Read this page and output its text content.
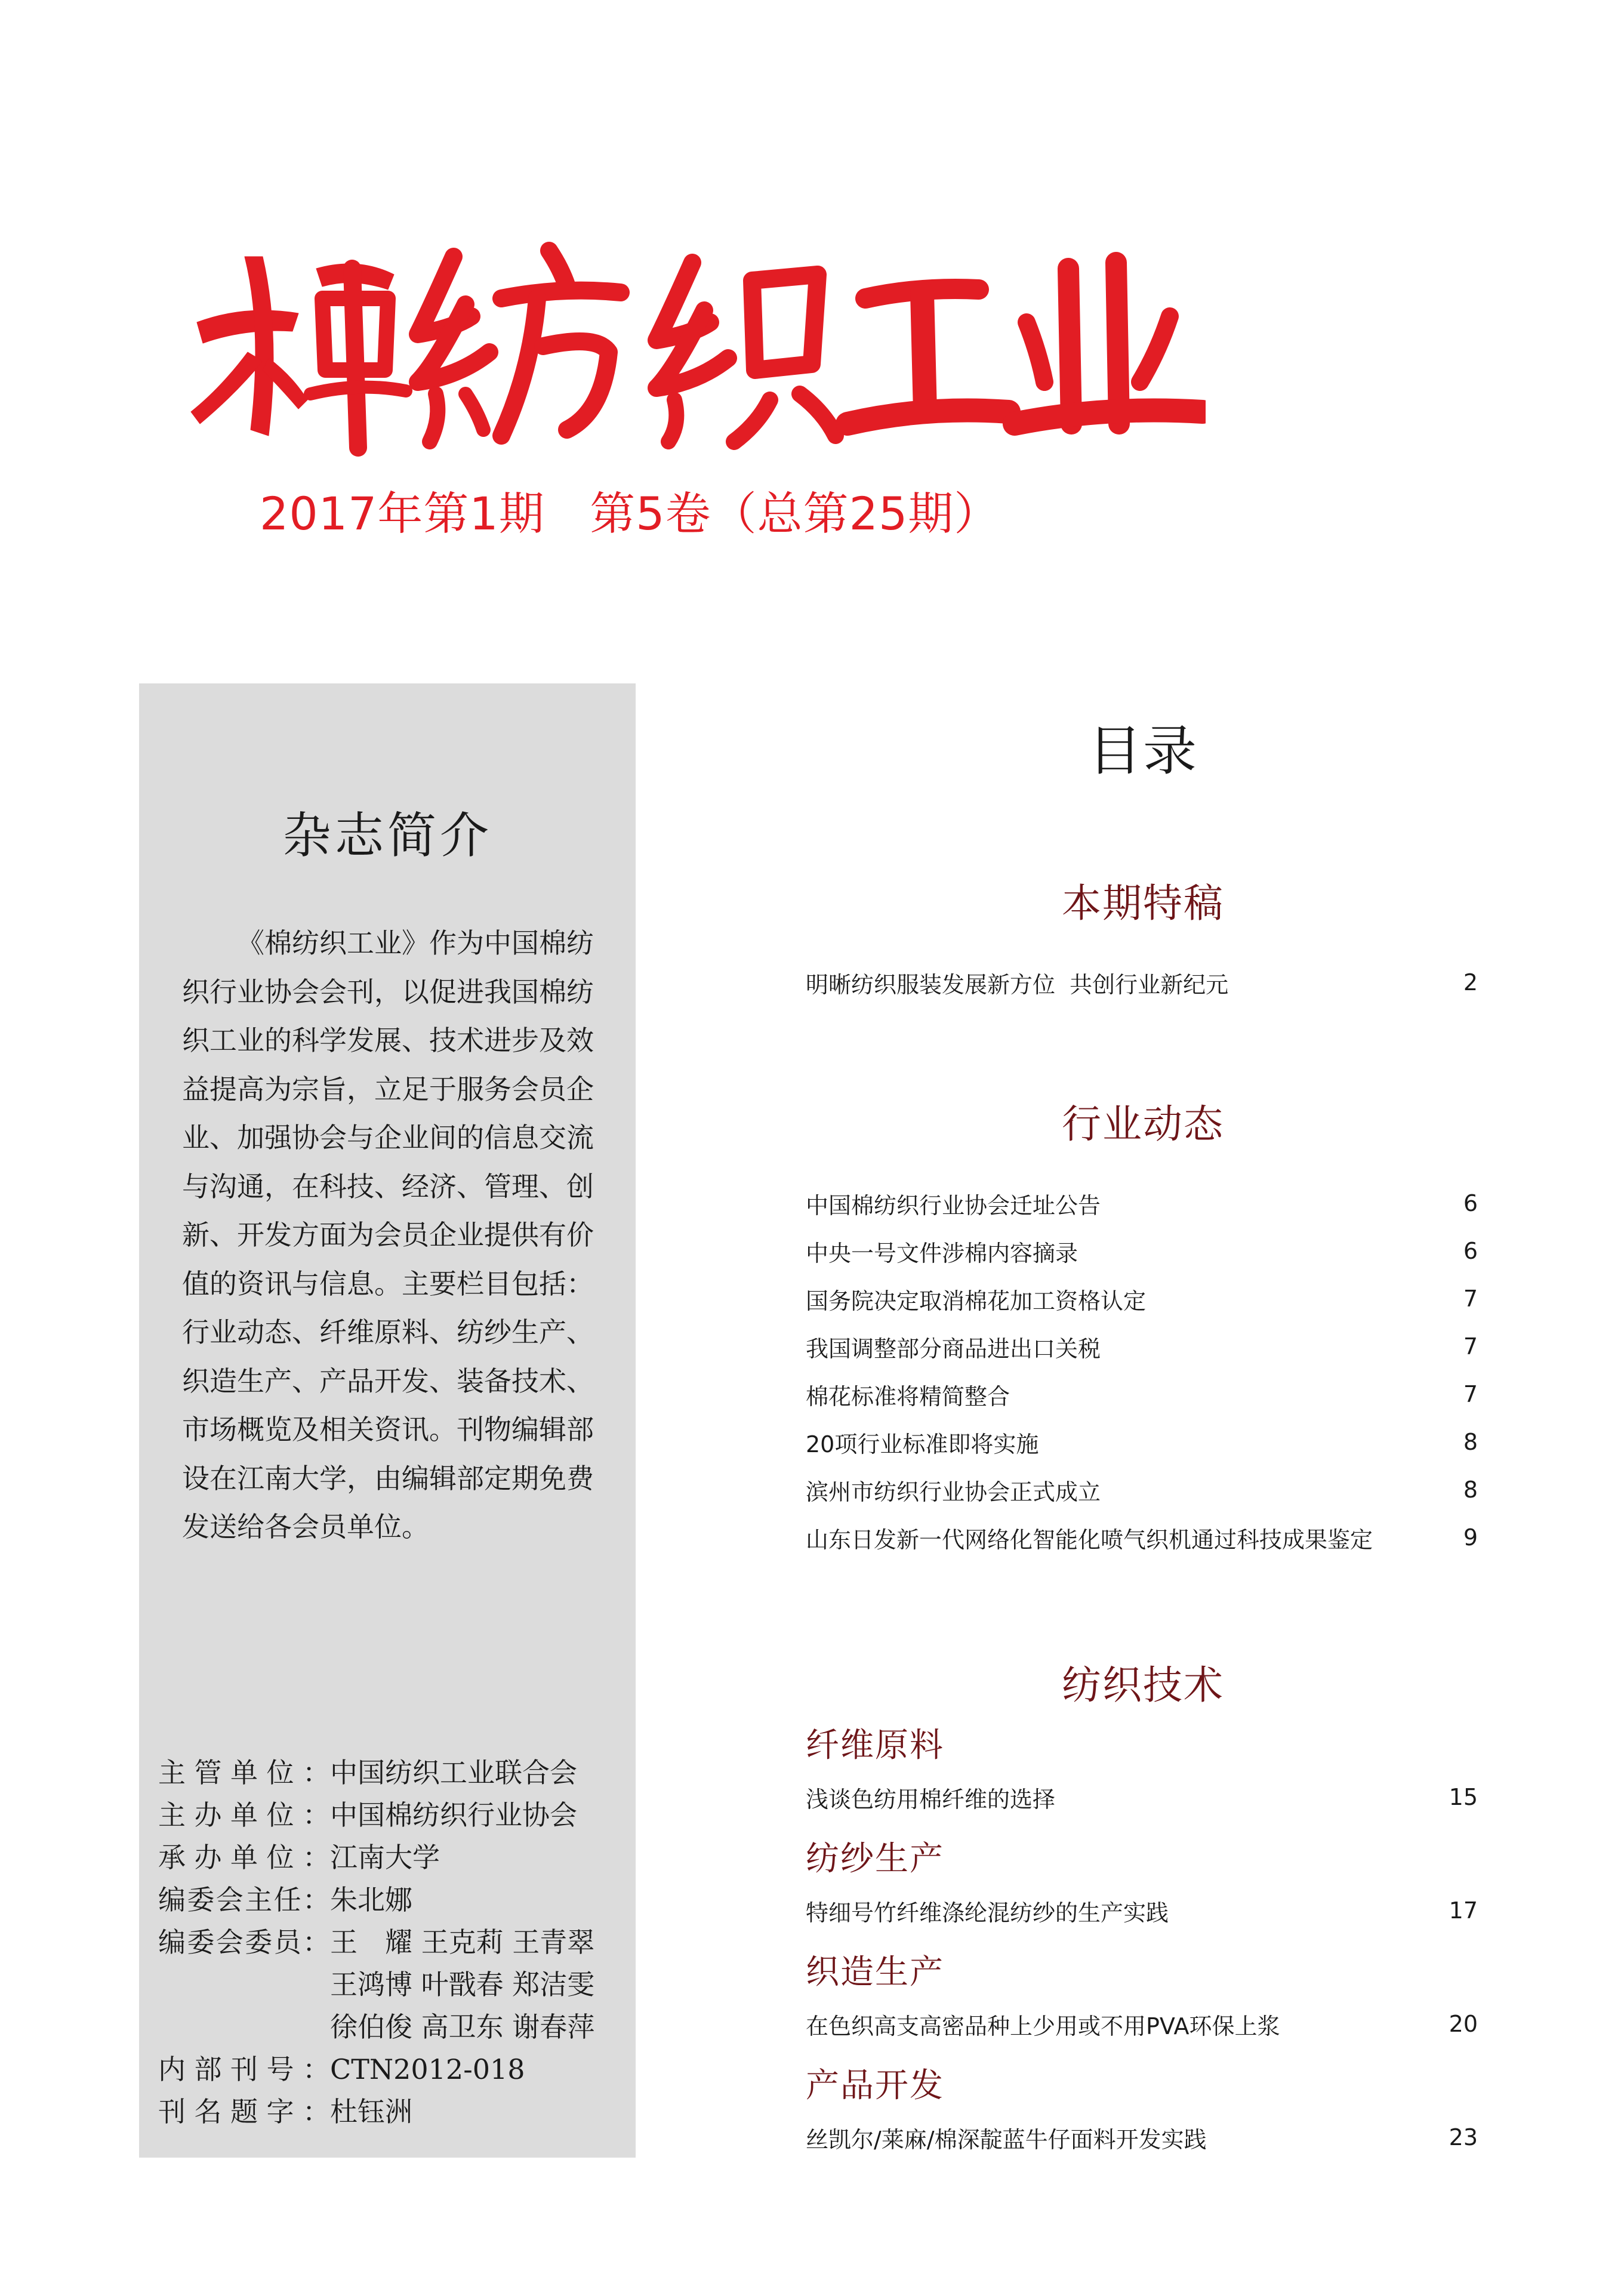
2017年第1期   第5卷（总第25期）
杂志简介
《棉纺织工业》作为中国棉纺
织行业协会会刊，以促进我国棉纺
织工业的科学发展、技术进步及效
益提高为宗旨，立足于服务会员企
业、加强协会与企业间的信息交流
与沟通，在科技、经济、管理、创
新、开发方面为会员企业提供有价
值的资讯与信息。主要栏目包括：
行业动态、纤维原料、纺纱生产、
织造生产、产品开发、装备技术、
市场概览及相关资讯。刊物编辑部
设在江南大学，由编辑部定期免费
发送给各会员单位。
主管单位： 中国纺织工业联合会
主办单位： 中国棉纺织行业协会
承办单位： 江南大学
编委会主任： 朱北娜
编委会委员： 王　耀 王克莉 王青翠
王鸿博 叶戬春 郑洁雯
徐伯俊 高卫东 谢春萍
内部刊号： CTN2012-018
刊名题字： 杜钰洲
目录
本期特稿
明晰纺织服装发展新方位  共创行业新纪元	2
行业动态
中国棉纺织行业协会迁址公告	6
中央一号文件涉棉内容摘录	6
国务院决定取消棉花加工资格认定	7
我国调整部分商品进出口关税	7
棉花标准将精简整合	7
20项行业标准即将实施	8
滨州市纺织行业协会正式成立	8
山东日发新一代网络化智能化喷气织机通过科技成果鉴定	9
纺织技术
纤维原料
浅谈色纺用棉纤维的选择	15
纺纱生产
特细号竹纤维涤纶混纺纱的生产实践	17
织造生产
在色织高支高密品种上少用或不用PVA环保上浆	20
产品开发
丝凯尔/莱麻/棉深靛蓝牛仔面料开发实践	23
